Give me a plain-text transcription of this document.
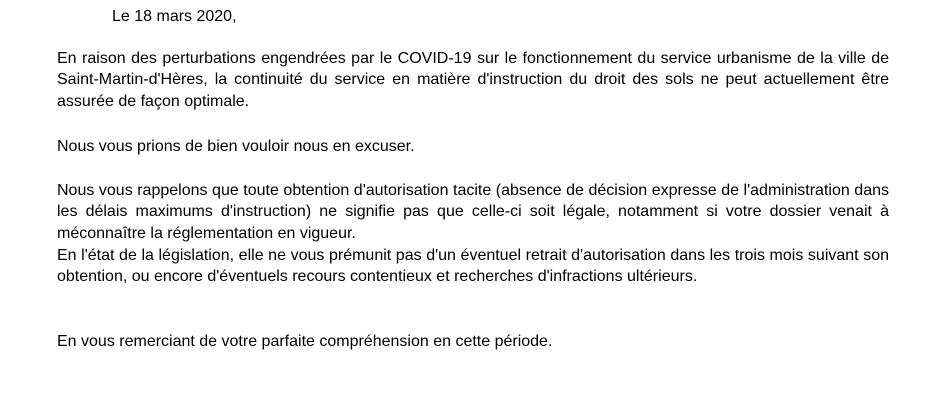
Le 18 mars 2020,

En raison des perturbations engendrées par le COVID-19 sur le fonctionnement du service urbanisme de la ville de Saint-Martin-d'Hères, la continuité du service en matière d'instruction du droit des sols ne peut actuellement être assurée de façon optimale.

Nous vous prions de bien vouloir nous en excuser.

Nous vous rappelons que toute obtention d'autorisation tacite (absence de décision expresse de l'administration dans les délais maximums d'instruction) ne signifie pas que celle-ci soit légale, notamment si votre dossier venait à méconnaître la réglementation en vigueur.

En l'état de la législation, elle ne vous prémunit pas d'un éventuel retrait d'autorisation dans les trois mois suivant son obtention, ou encore d'éventuels recours contentieux et recherches d'infractions ultérieurs.

En vous remerciant de votre parfaite compréhension en cette période.
